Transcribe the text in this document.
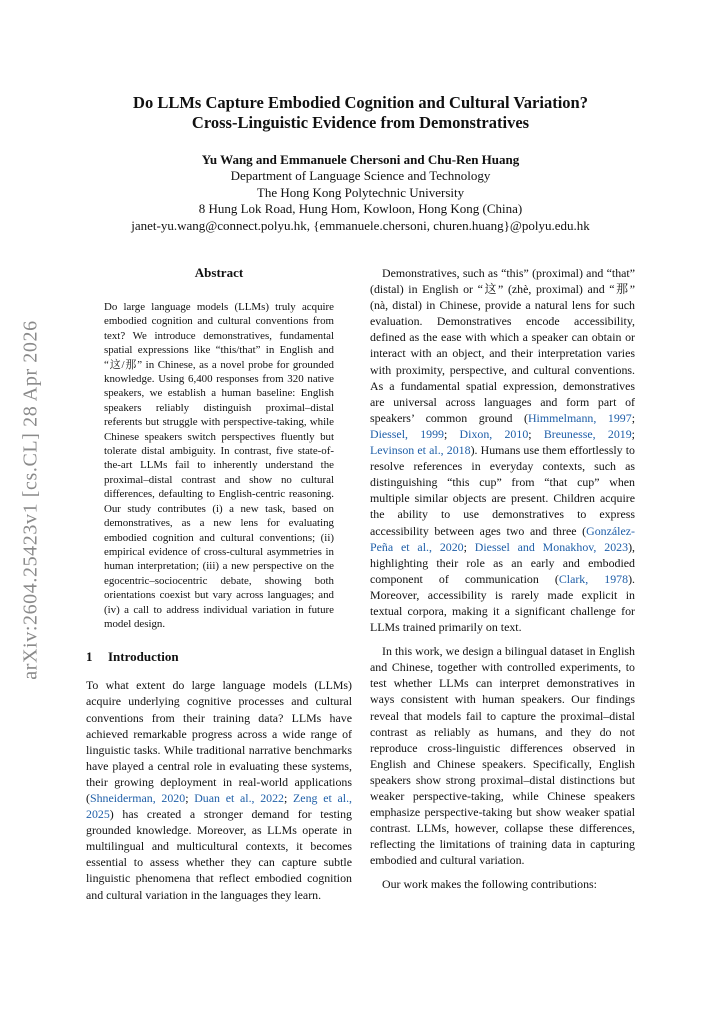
arXiv:2604.25423v1 [cs.CL] 28 Apr 2026
Do LLMs Capture Embodied Cognition and Cultural Variation?
Cross-Linguistic Evidence from Demonstratives
Yu Wang and Emmanuele Chersoni and Chu-Ren Huang
Department of Language Science and Technology
The Hong Kong Polytechnic University
8 Hung Lok Road, Hung Hom, Kowloon, Hong Kong (China)
janet-yu.wang@connect.polyu.hk, {emmanuele.chersoni, churen.huang}@polyu.edu.hk
Abstract
Do large language models (LLMs) truly acquire embodied cognition and cultural conventions from text? We introduce demonstratives, fundamental spatial expressions like “this/that” in English and “这/那” in Chinese, as a novel probe for grounded knowledge. Using 6,400 responses from 320 native speakers, we establish a human baseline: English speakers reliably distinguish proximal–distal referents but struggle with perspective-taking, while Chinese speakers switch perspectives fluently but tolerate distal ambiguity. In contrast, five state-of-the-art LLMs fail to inherently understand the proximal–distal contrast and show no cultural differences, defaulting to English-centric reasoning. Our study contributes (i) a new task, based on demonstratives, as a new lens for evaluating embodied cognition and cultural conventions; (ii) empirical evidence of cross-cultural asymmetries in human interpretation; (iii) a new perspective on the egocentric–sociocentric debate, showing both orientations coexist but vary across languages; and (iv) a call to address individual variation in future model design.
1 Introduction

To what extent do large language models (LLMs) acquire underlying cognitive processes and cultural conventions from their training data? LLMs have achieved remarkable progress across a wide range of linguistic tasks. While traditional narrative benchmarks have played a central role in evaluating these systems, their growing deployment in real-world applications (Shneiderman, 2020; Duan et al., 2022; Zeng et al., 2025) has created a stronger demand for testing grounded knowledge. Moreover, as LLMs operate in multilingual and multicultural contexts, it becomes essential to assess whether they can capture subtle linguistic phenomena that reflect embodied cognition and cultural variation in the languages they learn.

Demonstratives, such as “this” (proximal) and “that” (distal) in English or “这” (zhè, proximal) and “那” (nà, distal) in Chinese, provide a natural lens for such evaluation. Demonstratives encode accessibility, defined as the ease with which a speaker can obtain or interact with an object, and their interpretation varies with proximity, perspective, and cultural conventions. As a fundamental spatial expression, demonstratives are universal across languages and form part of speakers’ common ground (Himmelmann, 1997; Diessel, 1999; Dixon, 2010; Breunesse, 2019; Levinson et al., 2018). Humans use them effortlessly to resolve references in everyday contexts, such as distinguishing “this cup” from “that cup” when multiple similar objects are present. Children acquire the ability to use demonstratives to express accessibility between ages two and three (González-Peña et al., 2020; Diessel and Monakhov, 2023), highlighting their role as an early and embodied component of communication (Clark, 1978). Moreover, accessibility is rarely made explicit in textual corpora, making it a significant challenge for LLMs trained primarily on text.

In this work, we design a bilingual dataset in English and Chinese, together with controlled experiments, to test whether LLMs can interpret demonstratives in ways consistent with human speakers. Our findings reveal that models fail to capture the proximal–distal contrast as reliably as humans, and they do not reproduce cross-linguistic differences observed in English and Chinese speakers. Specifically, English speakers show strong proximal–distal distinctions but weaker perspective-taking, while Chinese speakers emphasize perspective-taking but show weaker spatial contrast. LLMs, however, collapse these differences, reflecting the limitations of training data in capturing embodied and cultural variation.

Our work makes the following contributions:
